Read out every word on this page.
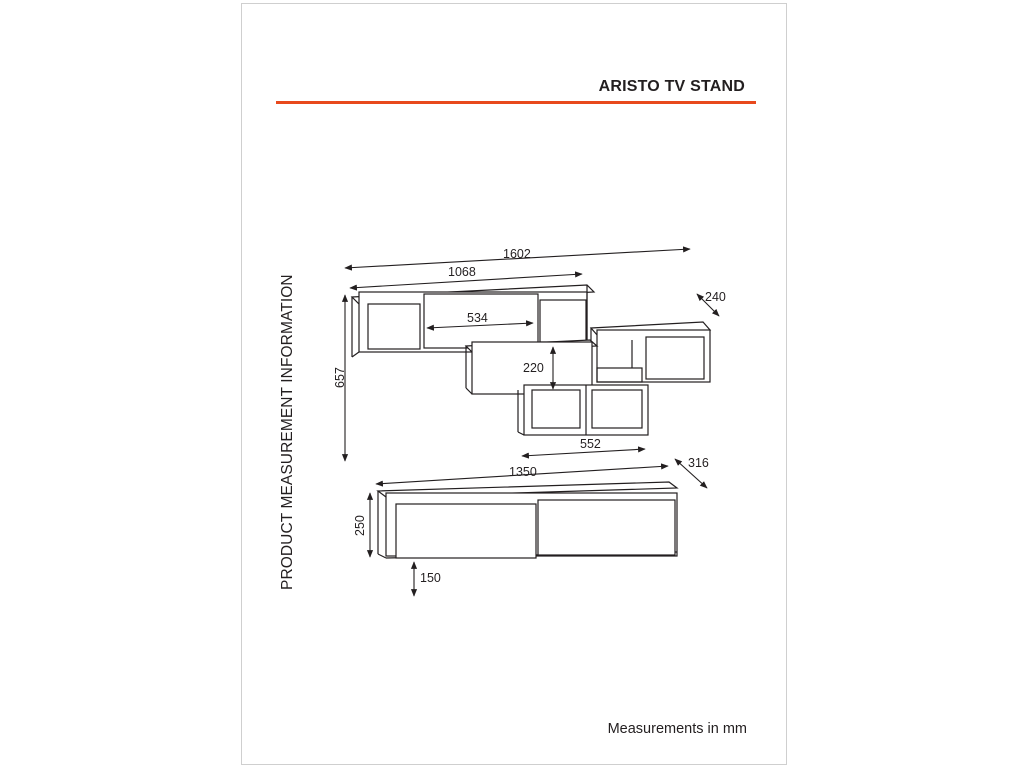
ARISTO TV STAND
PRODUCT MEASUREMENT INFORMATION
1602
1068
534
240
657	220
552
1350
316
250
150
Measurements in mm
